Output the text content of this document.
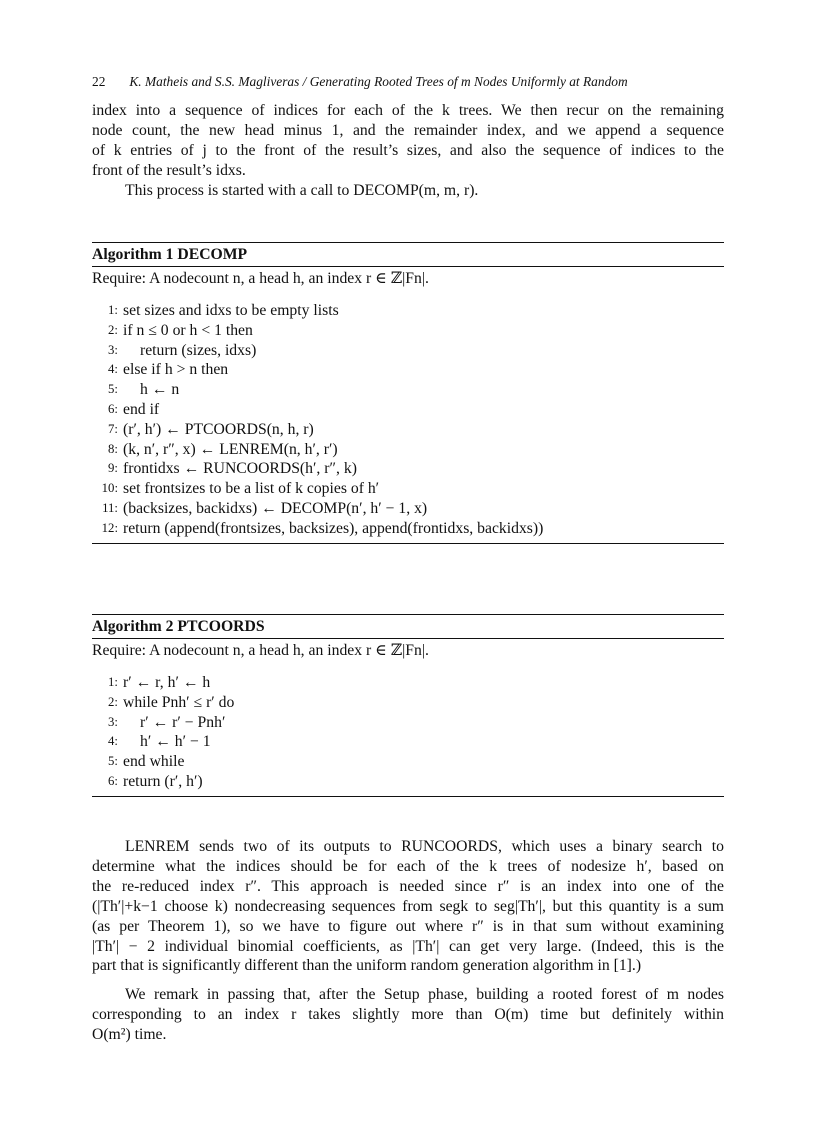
22 K. Matheis and S.S. Magliveras / Generating Rooted Trees of m Nodes Uniformly at Random
index into a sequence of indices for each of the k trees. We then recur on the remaining
node count, the new head minus 1, and the remainder index, and we append a sequence
of k entries of j to the front of the result’s sizes, and also the sequence of indices to the
front of the result’s idxs.
This process is started with a call to DECOMP(m, m, r).
Algorithm 1 DECOMP
Require: A nodecount n, a head h, an index r ∈ ℤ|Fn|.
1: set sizes and idxs to be empty lists
2: if n ≤ 0 or h < 1 then
3:	return (sizes, idxs)
4: else if h > n then
5:	h ← n
6: end if
7: (r′, h′) ← PTCOORDS(n, h, r)
8: (k, n′, r″, x) ← LENREM(n, h′, r′)
9: frontidxs ← RUNCOORDS(h′, r″, k)
10: set frontsizes to be a list of k copies of h′
11: (backsizes, backidxs) ← DECOMP(n′, h′ − 1, x)
12: return (append(frontsizes, backsizes), append(frontidxs, backidxs))
Algorithm 2 PTCOORDS
Require: A nodecount n, a head h, an index r ∈ ℤ|Fn|.
1: r′ ← r, h′ ← h
2: while Pnh′ ≤ r′ do
3:	r′ ← r′ − Pnh′
4:	h′ ← h′ − 1
5: end while
6: return (r′, h′)
LENREM sends two of its outputs to RUNCOORDS, which uses a binary search to
determine what the indices should be for each of the k trees of nodesize h′, based on
the re-reduced index r″. This approach is needed since r″ is an index into one of the
(|Th′|+k−1 choose k) nondecreasing sequences from segk to seg|Th′|, but this quantity is a sum
(as per Theorem 1), so we have to figure out where r″ is in that sum without examining
|Th′| − 2 individual binomial coefficients, as |Th′| can get very large. (Indeed, this is the
part that is significantly different than the uniform random generation algorithm in [1].)
We remark in passing that, after the Setup phase, building a rooted forest of m nodes
corresponding to an index r takes slightly more than O(m) time but definitely within
O(m²) time.
